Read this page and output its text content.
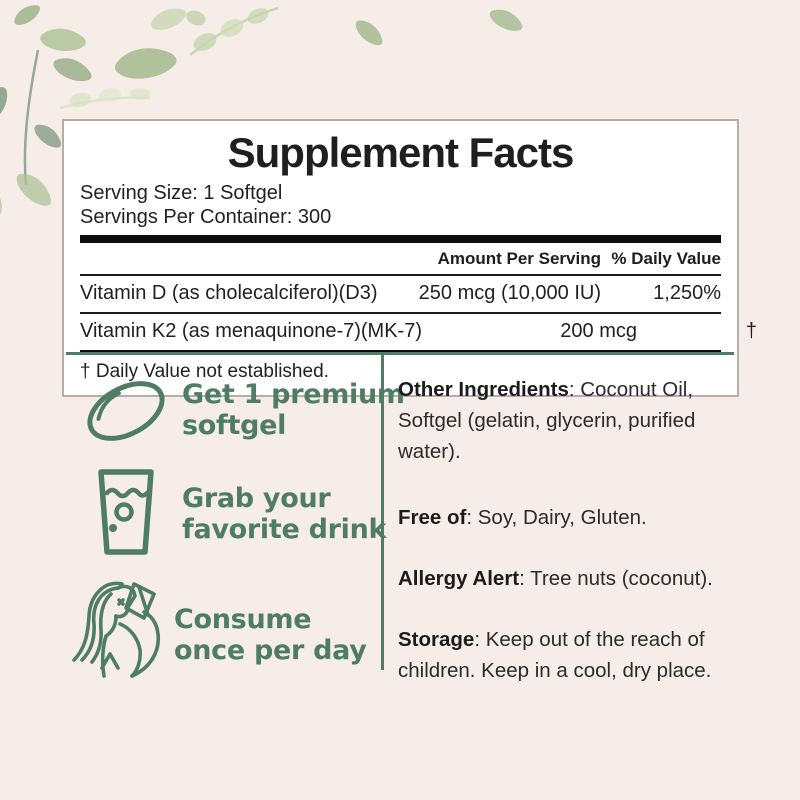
Supplement Facts
Serving Size: 1 Softgel
Servings Per Container: 300
Amount Per Serving % Daily Value
Vitamin D (as cholecalciferol)(D3)	250 mcg (10,000 IU)	1,250%
Vitamin K2 (as menaquinone-7)(MK-7)	200 mcg	†
† Daily Value not established.
Get 1 premium
softgel
Grab your
favorite drink
Consume
once per day

Other Ingredients: Coconut Oil,
Softgel (gelatin, glycerin, purified
water).

Free of: Soy, Dairy, Gluten.

Allergy Alert: Tree nuts (coconut).

Storage: Keep out of the reach of
children. Keep in a cool, dry place.
